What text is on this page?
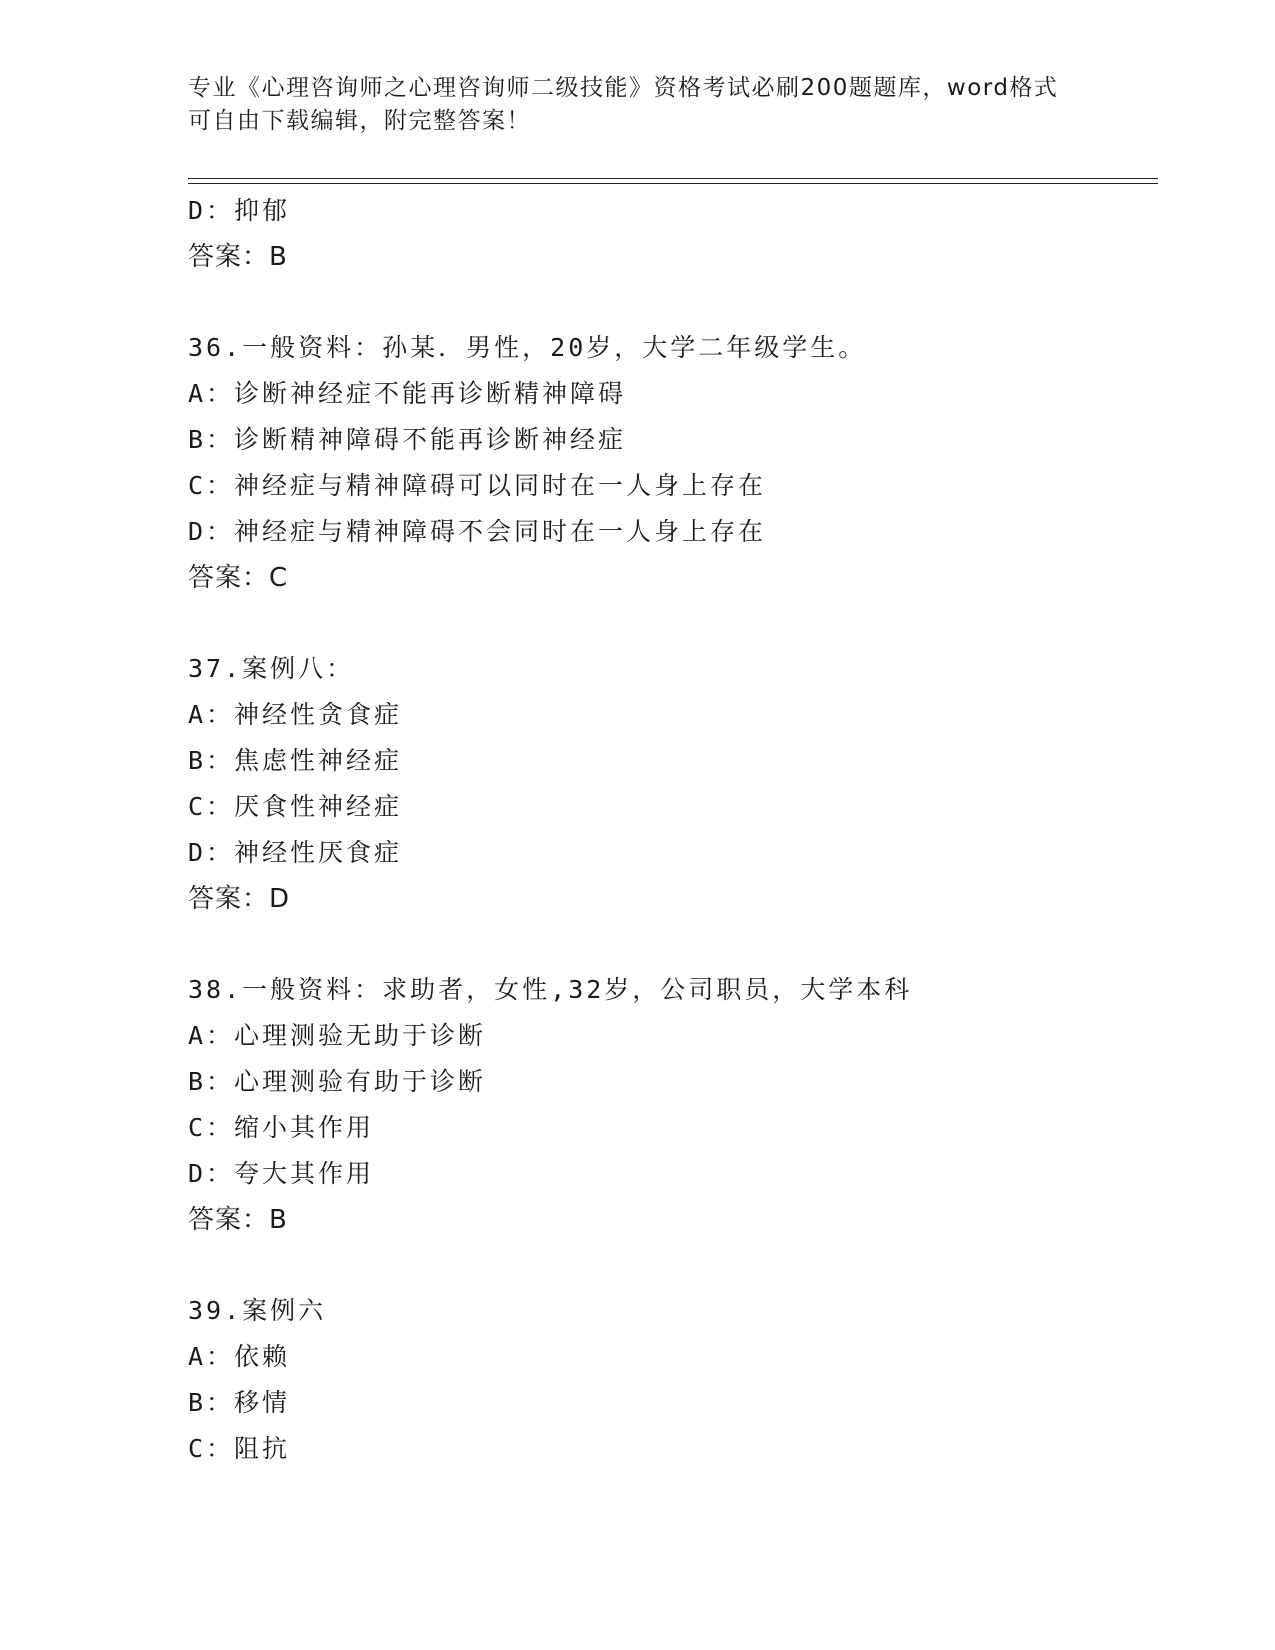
专业《心理咨询师之心理咨询师二级技能》资格考试必刷200题题库，word格式
可自由下载编辑，附完整答案！
D：抑郁
答案：B
36.一般资料：孙某．男性，20岁，大学二年级学生。
A：诊断神经症不能再诊断精神障碍
B：诊断精神障碍不能再诊断神经症
C：神经症与精神障碍可以同时在一人身上存在
D：神经症与精神障碍不会同时在一人身上存在
答案：C
37.案例八：
A：神经性贪食症
B：焦虑性神经症
C：厌食性神经症
D：神经性厌食症
答案：D
38.一般资料：求助者，女性,32岁，公司职员，大学本科
A：心理测验无助于诊断
B：心理测验有助于诊断
C：缩小其作用
D：夸大其作用
答案：B
39.案例六
A：依赖
B：移情
C：阻抗
